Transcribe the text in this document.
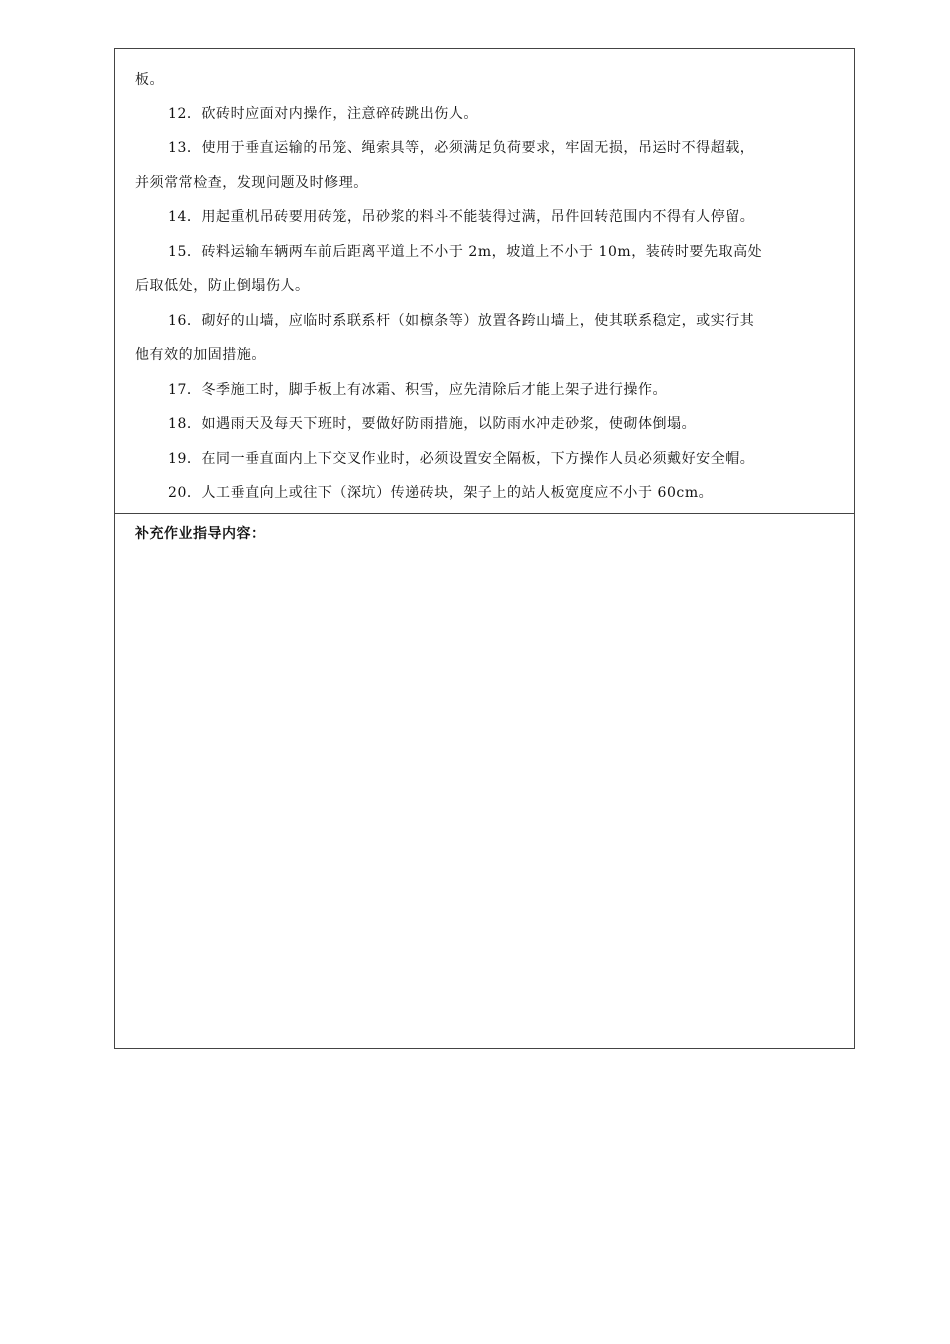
板。
12．砍砖时应面对内操作，注意碎砖跳出伤人。
13．使用于垂直运输的吊笼、绳索具等，必须满足负荷要求，牢固无损，吊运时不得超载，
并须常常检查，发现问题及时修理。
14．用起重机吊砖要用砖笼，吊砂浆的料斗不能装得过满，吊件回转范围内不得有人停留。
15．砖料运输车辆两车前后距离平道上不小于 2m，坡道上不小于 10m，装砖时要先取高处
后取低处，防止倒塌伤人。
16．砌好的山墙，应临时系联系杆（如檩条等）放置各跨山墙上，使其联系稳定，或实行其
他有效的加固措施。
17．冬季施工时，脚手板上有冰霜、积雪，应先清除后才能上架子进行操作。
18．如遇雨天及每天下班时，要做好防雨措施，以防雨水冲走砂浆，使砌体倒塌。
19．在同一垂直面内上下交叉作业时，必须设置安全隔板，下方操作人员必须戴好安全帽。
20．人工垂直向上或往下（深坑）传递砖块，架子上的站人板宽度应不小于 60cm。
补充作业指导内容：
